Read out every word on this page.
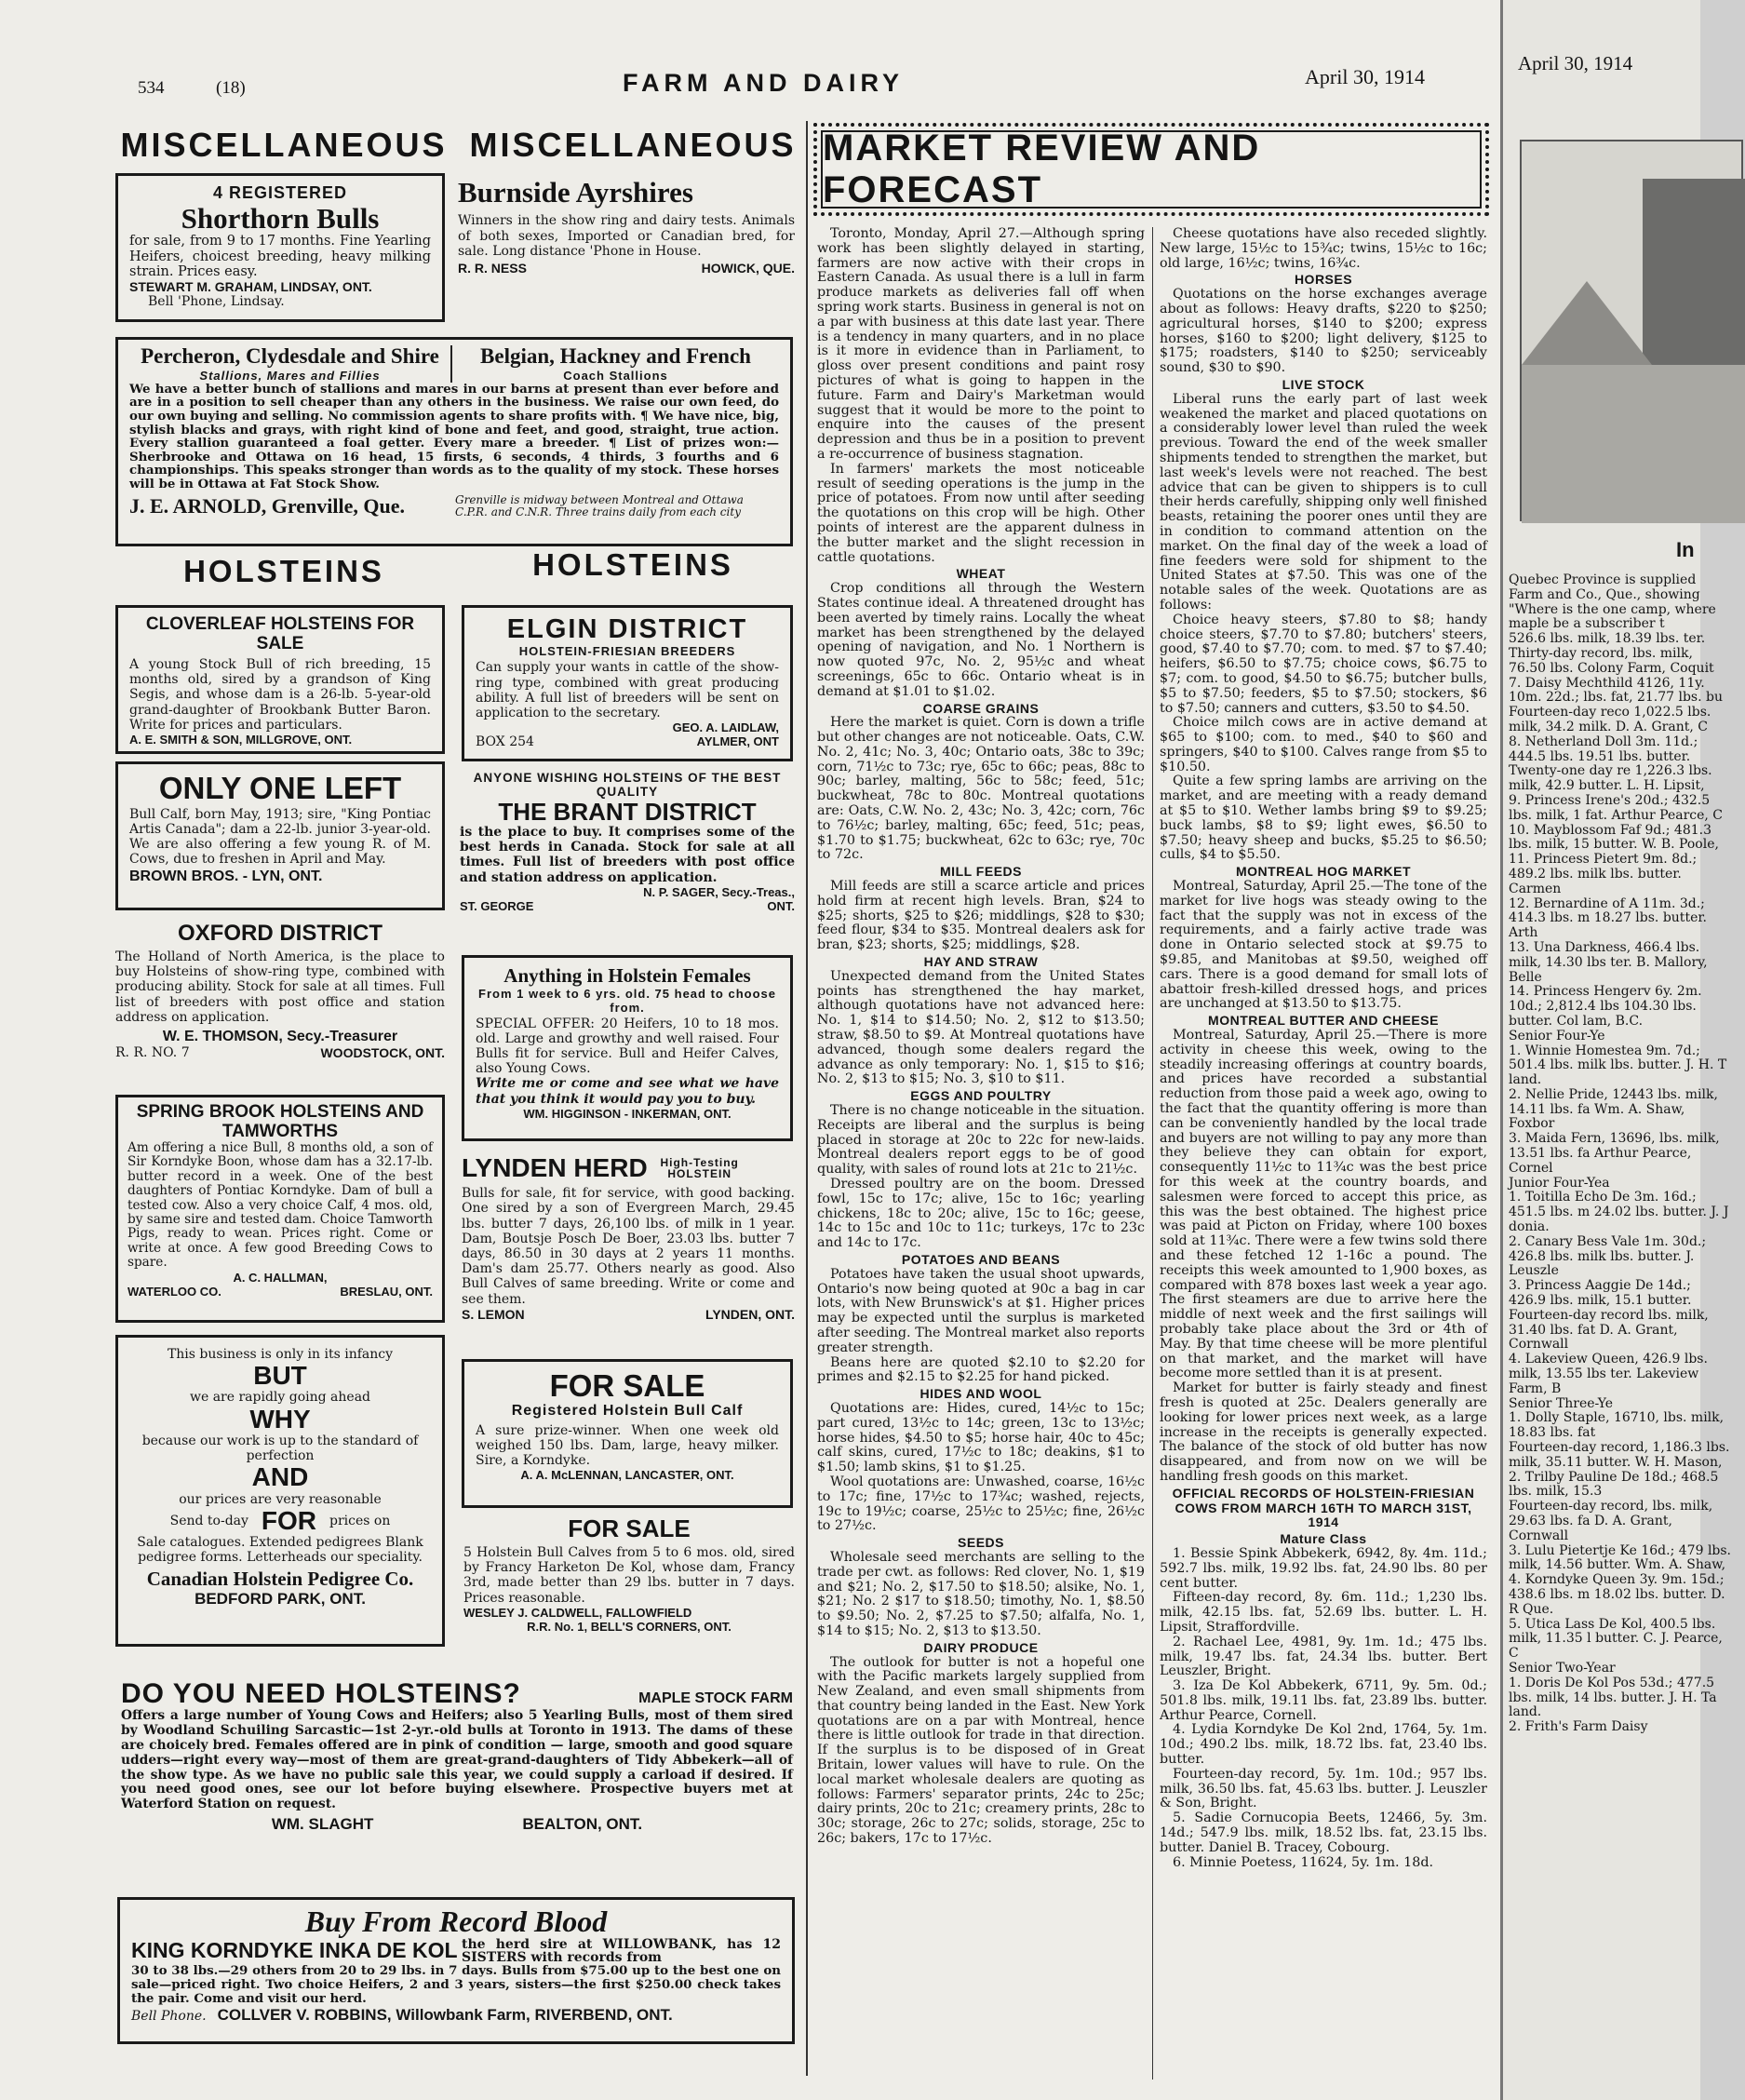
534	(18)	FARM AND DAIRY	April 30, 1914
MISCELLANEOUS MISCELLANEOUS
4 REGISTERED
Shorthorn Bulls
for sale, from 9 to 17 months. Fine Yearling Heifers, choicest breeding, heavy milking strain. Prices easy.
STEWART M. GRAHAM, LINDSAY, ONT.
Bell 'Phone, Lindsay.
Burnside Ayrshires
Winners in the show ring and dairy tests. Animals of both sexes, Imported or Canadian bred, for sale. Long distance 'Phone in House.
R. R. NESS	HOWICK, QUE.
Percheron, Clydesdale and Shire
Stallions, Mares and Fillies
Belgian, Hackney and French
Coach Stallions
We have a better bunch of stallions and mares in our barns at present than ever before and are in a position to sell cheaper than any others in the business. We raise our own feed, do our own buying and selling. No commission agents to share profits with. ¶ We have nice, big, stylish blacks and grays, with right kind of bone and feet, and good, straight, true action. Every stallion guaranteed a foal getter. Every mare a breeder. ¶ List of prizes won:—Sherbrooke and Ottawa on 16 head, 15 firsts, 6 seconds, 4 thirds, 3 fourths and 6 championships. This speaks stronger than words as to the quality of my stock. These horses will be in Ottawa at Fat Stock Show.
J. E. ARNOLD, Grenville, Que.	Grenville is midway between Montreal and Ottawa C.P.R. and C.N.R. Three trains daily from each city
HOLSTEINS	HOLSTEINS
CLOVERLEAF HOLSTEINS FOR SALE
A young Stock Bull of rich breeding, 15 months old, sired by a grandson of King Segis, and whose dam is a 26-lb. 5-year-old grand-daughter of Brookbank Butter Baron. Write for prices and particulars.
A. E. SMITH & SON, MILLGROVE, ONT.
ONLY ONE LEFT
Bull Calf, born May, 1913; sire, "King Pontiac Artis Canada"; dam a 22-lb. junior 3-year-old. We are also offering a few young R. of M. Cows, due to freshen in April and May.
BROWN BROS. - LYN, ONT.
OXFORD DISTRICT
The Holland of North America, is the place to buy Holsteins of show-ring type, combined with producing ability. Stock for sale at all times. Full list of breeders with post office and station address on application.
W. E. THOMSON, Secy.-Treasurer
R. R. NO. 7	WOODSTOCK, ONT.
SPRING BROOK HOLSTEINS AND TAMWORTHS
Am offering a nice Bull, 8 months old, a son of Sir Korndyke Boon, whose dam has a 32.17-lb. butter record in a week. One of the best daughters of Pontiac Korndyke. Dam of bull a tested cow. Also a very choice Calf, 4 mos. old, by same sire and tested dam. Choice Tamworth Pigs, ready to wean. Prices right. Come or write at once. A few good Breeding Cows to spare.
A. C. HALLMAN,
WATERLOO CO.	BRESLAU, ONT.
This business is only in its infancy
BUT
we are rapidly going ahead
WHY
because our work is up to the standard of perfection
AND
our prices are very reasonable
Send to-day FOR prices on
Sale catalogues. Extended pedigrees Blank pedigree forms. Letterheads our speciality.
Canadian Holstein Pedigree Co.
BEDFORD PARK, ONT.
ELGIN DISTRICT
HOLSTEIN-FRIESIAN BREEDERS
Can supply your wants in cattle of the show-ring type, combined with great producing ability. A full list of breeders will be sent on application to the secretary.
GEO. A. LAIDLAW,
BOX 254	AYLMER, ONT
ANYONE WISHING HOLSTEINS OF THE BEST QUALITY
THE BRANT DISTRICT
is the place to buy. It comprises some of the best herds in Canada. Stock for sale at all times. Full list of breeders with post office and station address on application.
N. P. SAGER, Secy.-Treas.,
ST. GEORGE	ONT.
Anything in Holstein Females
From 1 week to 6 yrs. old. 75 head to choose from.
SPECIAL OFFER: 20 Heifers, 10 to 18 mos. old. Large and growthy and well raised. Four Bulls fit for service. Bull and Heifer Calves, also Young Cows.
Write me or come and see what we have that you think it would pay you to buy.
WM. HIGGINSON - INKERMAN, ONT.
LYNDEN HERD	High-Testing HOLSTEIN
Bulls for sale, fit for service, with good backing. One sired by a son of Evergreen March, 29.45 lbs. butter 7 days, 26,100 lbs. of milk in 1 year. Dam, Boutsje Posch De Boer, 23.03 lbs. butter 7 days, 86.50 in 30 days at 2 years 11 months. Dam's dam 25.77. Others nearly as good. Also Bull Calves of same breeding. Write or come and see them.
S. LEMON	LYNDEN, ONT.
FOR SALE
Registered Holstein Bull Calf
A sure prize-winner. When one week old weighed 150 lbs. Dam, large, heavy milker. Sire, a Korndyke.
A. A. McLENNAN, LANCASTER, ONT.
FOR SALE
5 Holstein Bull Calves from 5 to 6 mos. old, sired by Francy Harketon De Kol, whose dam, Francy 3rd, made better than 29 lbs. butter in 7 days. Prices reasonable.
WESLEY J. CALDWELL, FALLOWFIELD
R.R. No. 1, BELL'S CORNERS, ONT.
DO YOU NEED HOLSTEINS?	MAPLE STOCK FARM
Offers a large number of Young Cows and Heifers; also 5 Yearling Bulls, most of them sired by Woodland Schuiling Sarcastic—1st 2-yr.-old bulls at Toronto in 1913. The dams of these are choicely bred. Females offered are in pink of condition — large, smooth and good square udders—right every way—most of them are great-grand-daughters of Tidy Abbekerk—all of the show type. As we have no public sale this year, we could supply a carload if desired. If you need good ones, see our lot before buying elsewhere. Prospective buyers met at Waterford Station on request.
WM. SLAGHT	BEALTON, ONT.
Buy From Record Blood
KING KORNDYKE INKA DE KOL the herd sire at WILLOWBANK, has 12 SISTERS with records from
30 to 38 lbs.—29 others from 20 to 29 lbs. in 7 days. Bulls from $75.00 up to the best one on sale—priced right. Two choice Heifers, 2 and 3 years, sisters—the first $250.00 check takes the pair. Come and visit our herd.
Bell Phone. COLLVER V. ROBBINS, Willowbank Farm, RIVERBEND, ONT.
MARKET REVIEW AND FORECAST

Toronto, Monday, April 27.—Although spring work has been slightly delayed in starting, farmers are now active with their crops in Eastern Canada. As usual there is a lull in farm produce markets as deliveries fall off when spring work starts. Business in general is not on a par with business at this date last year. There is a tendency in many quarters, and in no place is it more in evidence than in Parliament, to gloss over present conditions and paint rosy pictures of what is going to happen in the future. Farm and Dairy's Marketman would suggest that it would be more to the point to enquire into the causes of the present depression and thus be in a position to prevent a re-occurrence of business stagnation.

In farmers' markets the most noticeable result of seeding operations is the jump in the price of potatoes. From now until after seeding the quotations on this crop will be high. Other points of interest are the apparent dulness in the butter market and the slight recession in cattle quotations.

WHEAT

Crop conditions all through the Western States continue ideal. A threatened drought has been averted by timely rains. Locally the wheat market has been strengthened by the delayed opening of navigation, and No. 1 Northern is now quoted 97c, No. 2, 95½c and wheat screenings, 65c to 66c. Ontario wheat is in demand at $1.01 to $1.02.

COARSE GRAINS

Here the market is quiet. Corn is down a trifle but other changes are not noticeable. Oats, C.W. No. 2, 41c; No. 3, 40c; Ontario oats, 38c to 39c; corn, 71½c to 73c; rye, 65c to 66c; peas, 88c to 90c; barley, malting, 56c to 58c; feed, 51c; buckwheat, 78c to 80c. Montreal quotations are: Oats, C.W. No. 2, 43c; No. 3, 42c; corn, 76c to 76½c; barley, malting, 65c; feed, 51c; peas, $1.70 to $1.75; buckwheat, 62c to 63c; rye, 70c to 72c.

MILL FEEDS

Mill feeds are still a scarce article and prices hold firm at recent high levels. Bran, $24 to $25; shorts, $25 to $26; middlings, $28 to $30; feed flour, $34 to $35. Montreal dealers ask for bran, $23; shorts, $25; middlings, $28.

HAY AND STRAW

Unexpected demand from the United States points has strengthened the hay market, although quotations have not advanced here: No. 1, $14 to $14.50; No. 2, $12 to $13.50; straw, $8.50 to $9. At Montreal quotations have advanced, though some dealers regard the advance as only temporary: No. 1, $15 to $16; No. 2, $13 to $15; No. 3, $10 to $11.

EGGS AND POULTRY

There is no change noticeable in the situation. Receipts are liberal and the surplus is being placed in storage at 20c to 22c for new-laids. Montreal dealers report eggs to be of good quality, with sales of round lots at 21c to 21½c.

Dressed poultry are on the boom. Dressed fowl, 15c to 17c; alive, 15c to 16c; yearling chickens, 18c to 20c; alive, 15c to 16c; geese, 14c to 15c and 10c to 11c; turkeys, 17c to 23c and 14c to 17c.

POTATOES AND BEANS

Potatoes have taken the usual shoot upwards, Ontario's now being quoted at 90c a bag in car lots, with New Brunswick's at $1. Higher prices may be expected until the surplus is marketed after seeding. The Montreal market also reports greater strength.

Beans here are quoted $2.10 to $2.20 for primes and $2.15 to $2.25 for hand picked.

HIDES AND WOOL

Quotations are: Hides, cured, 14½c to 15c; part cured, 13½c to 14c; green, 13c to 13½c; horse hides, $4.50 to $5; horse hair, 40c to 45c; calf skins, cured, 17½c to 18c; deakins, $1 to $1.50; lamb skins, $1 to $1.25.

Wool quotations are: Unwashed, coarse, 16½c to 17c; fine, 17½c to 17¾c; washed, rejects, 19c to 19½c; coarse, 25½c to 25½c; fine, 26½c to 27½c.

SEEDS

Wholesale seed merchants are selling to the trade per cwt. as follows: Red clover, No. 1, $19 and $21; No. 2, $17.50 to $18.50; alsike, No. 1, $21; No. 2 $17 to $18.50; timothy, No. 1, $8.50 to $9.50; No. 2, $7.25 to $7.50; alfalfa, No. 1, $14 to $15; No. 2, $13 to $13.50.

DAIRY PRODUCE

The outlook for butter is not a hopeful one with the Pacific markets largely supplied from New Zealand, and even small shipments from that country being landed in the East. New York quotations are on a par with Montreal, hence there is little outlook for trade in that direction. If the surplus is to be disposed of in Great Britain, lower values will have to rule. On the local market wholesale dealers are quoting as follows: Farmers' separator prints, 24c to 25c; dairy prints, 20c to 21c; creamery prints, 28c to 30c; storage, 26c to 27c; solids, storage, 25c to 26c; bakers, 17c to 17½c.

Cheese quotations have also receded slightly. New large, 15½c to 15¾c; twins, 15½c to 16c; old large, 16½c; twins, 16¾c.

HORSES

Quotations on the horse exchanges average about as follows: Heavy drafts, $220 to $250; agricultural horses, $140 to $200; express horses, $160 to $200; light delivery, $125 to $175; roadsters, $140 to $250; serviceably sound, $30 to $90.

LIVE STOCK

Liberal runs the early part of last week weakened the market and placed quotations on a considerably lower level than ruled the week previous. Toward the end of the week smaller shipments tended to strengthen the market, but last week's levels were not reached. The best advice that can be given to shippers is to cull their herds carefully, shipping only well finished beasts, retaining the poorer ones until they are in condition to command attention on the market. On the final day of the week a load of fine feeders were sold for shipment to the United States at $7.50. This was one of the notable sales of the week. Quotations are as follows:

Choice heavy steers, $7.80 to $8; handy choice steers, $7.70 to $7.80; butchers' steers, good, $7.40 to $7.70; com. to med. $7 to $7.40; heifers, $6.50 to $7.75; choice cows, $6.75 to $7; com. to good, $4.50 to $6.75; butcher bulls, $5 to $7.50; feeders, $5 to $7.50; stockers, $6 to $7.50; canners and cutters, $3.50 to $4.50.

Choice milch cows are in active demand at $65 to $100; com. to med., $40 to $60 and springers, $40 to $100. Calves range from $5 to $10.50.

Quite a few spring lambs are arriving on the market, and are meeting with a ready demand at $5 to $10. Wether lambs bring $9 to $9.25; buck lambs, $8 to $9; light ewes, $6.50 to $7.50; heavy sheep and bucks, $5.25 to $6.50; culls, $4 to $5.50.

MONTREAL HOG MARKET

Montreal, Saturday, April 25.—The tone of the market for live hogs was steady owing to the fact that the supply was not in excess of the requirements, and a fairly active trade was done in Ontario selected stock at $9.75 to $9.85, and Manitobas at $9.50, weighed off cars. There is a good demand for small lots of abattoir fresh-killed dressed hogs, and prices are unchanged at $13.50 to $13.75.

MONTREAL BUTTER AND CHEESE

Montreal, Saturday, April 25.—There is more activity in cheese this week, owing to the steadily increasing offerings at country boards, and prices have recorded a substantial reduction from those paid a week ago, owing to the fact that the quantity offering is more than can be conveniently handled by the local trade and buyers are not willing to pay any more than they believe they can obtain for export, consequently 11½c to 11¾c was the best price for this week at the country boards, and salesmen were forced to accept this price, as this was the best obtained. The highest price was paid at Picton on Friday, where 100 boxes sold at 11¾c. There were a few twins sold there and these fetched 12 1-16c a pound. The receipts this week amounted to 1,900 boxes, as compared with 878 boxes last week a year ago. The first steamers are due to arrive here the middle of next week and the first sailings will probably take place about the 3rd or 4th of May. By that time cheese will be more plentiful on that market, and the market will have become more settled than it is at present.

Market for butter is fairly steady and finest fresh is quoted at 25c. Dealers generally are looking for lower prices next week, as a large increase in the receipts is generally expected. The balance of the stock of old butter has now disappeared, and from now on we will be handling fresh goods on this market.

OFFICIAL RECORDS OF HOLSTEIN-FRIESIAN COWS FROM MARCH 16TH TO MARCH 31ST, 1914
Mature Class

1. Bessie Spink Abbekerk, 6942, 8y. 4m. 11d.; 592.7 lbs. milk, 19.92 lbs. fat, 24.90 lbs. 80 per cent butter.

Fifteen-day record, 8y. 6m. 11d.; 1,230 lbs. milk, 42.15 lbs. fat, 52.69 lbs. butter. L. H. Lipsit, Straffordville.

2. Rachael Lee, 4981, 9y. 1m. 1d.; 475 lbs. milk, 19.47 lbs. fat, 24.34 lbs. butter. Bert Leuszler, Bright.

3. Iza De Kol Abbekerk, 6711, 9y. 5m. 0d.; 501.8 lbs. milk, 19.11 lbs. fat, 23.89 lbs. butter. Arthur Pearce, Cornell.

4. Lydia Korndyke De Kol 2nd, 1764, 5y. 1m. 10d.; 490.2 lbs. milk, 18.72 lbs. fat, 23.40 lbs. butter.

Fourteen-day record, 5y. 1m. 10d.; 957 lbs. milk, 36.50 lbs. fat, 45.63 lbs. butter. J. Leuszler & Son, Bright.

5. Sadie Cornucopia Beets, 12466, 5y. 3m. 14d.; 547.9 lbs. milk, 18.52 lbs. fat, 23.15 lbs. butter. Daniel B. Tracey, Cobourg.

6. Minnie Poetess, 11624, 5y. 1m. 18d.

April 30, 1914
In
Quebec Province is supplied Farm and Co., Que., showing "Where is the one camp, where maple be a subscriber t
526.6 lbs. milk, 18.39 lbs. ter.
Thirty-day record, lbs. milk, 76.50 lbs. Colony Farm, Coquit
7. Daisy Mechthild 4126, 11y. 10m. 22d.; lbs. fat, 21.77 lbs. bu
Fourteen-day reco 1,022.5 lbs. milk, 34.2 milk. D. A. Grant, C
8. Netherland Doll 3m. 11d.; 444.5 lbs. 19.51 lbs. butter.
Twenty-one day re 1,226.3 lbs. milk, 42.9 butter. L. H. Lipsit,
9. Princess Irene's 20d.; 432.5 lbs. milk, 1 fat. Arthur Pearce, C
10. Mayblossom Faf 9d.; 481.3 lbs. milk, 15 butter. W. B. Poole,
11. Princess Pietert 9m. 8d.; 489.2 lbs. milk lbs. butter. Carmen
12. Bernardine of A 11m. 3d.; 414.3 lbs. m 18.27 lbs. butter. Arth
13. Una Darkness, 466.4 lbs. milk, 14.30 lbs ter. B. Mallory, Belle
14. Princess Hengerv 6y. 2m. 10d.; 2,812.4 lbs 104.30 lbs. butter. Col lam, B.C.
Senior Four-Ye
1. Winnie Homestea 9m. 7d.; 501.4 lbs. milk lbs. butter. J. H. T land.
2. Nellie Pride, 12443 lbs. milk, 14.11 lbs. fa Wm. A. Shaw, Foxbor
3. Maida Fern, 13696, lbs. milk, 13.51 lbs. fa Arthur Pearce, Cornel
Junior Four-Yea
1. Toitilla Echo De 3m. 16d.; 451.5 lbs. m 24.02 lbs. butter. J. J donia.
2. Canary Bess Vale 1m. 30d.; 426.8 lbs. milk lbs. butter. J. Leuszle
3. Princess Aaggie De 14d.; 426.9 lbs. milk, 15.1 butter.
Fourteen-day record lbs. milk, 31.40 lbs. fat D. A. Grant, Cornwall
4. Lakeview Queen, 426.9 lbs. milk, 13.55 lbs ter. Lakeview Farm, B
Senior Three-Ye
1. Dolly Staple, 16710, lbs. milk, 18.83 lbs. fat
Fourteen-day record, 1,186.3 lbs. milk, 35.11 butter. W. H. Mason,
2. Trilby Pauline De 18d.; 468.5 lbs. milk, 15.3
Fourteen-day record, lbs. milk, 29.63 lbs. fa D. A. Grant, Cornwall
3. Lulu Pietertje Ke 16d.; 479 lbs. milk, 14.56 butter. Wm. A. Shaw,
4. Korndyke Queen 3y. 9m. 15d.; 438.6 lbs. m 18.02 lbs. butter. D. R Que.
5. Utica Lass De Kol, 400.5 lbs. milk, 11.35 l butter. C. J. Pearce, C
Senior Two-Year
1. Doris De Kol Pos 53d.; 477.5 lbs. milk, 14 lbs. butter. J. H. Ta land.
2. Frith's Farm Daisy
